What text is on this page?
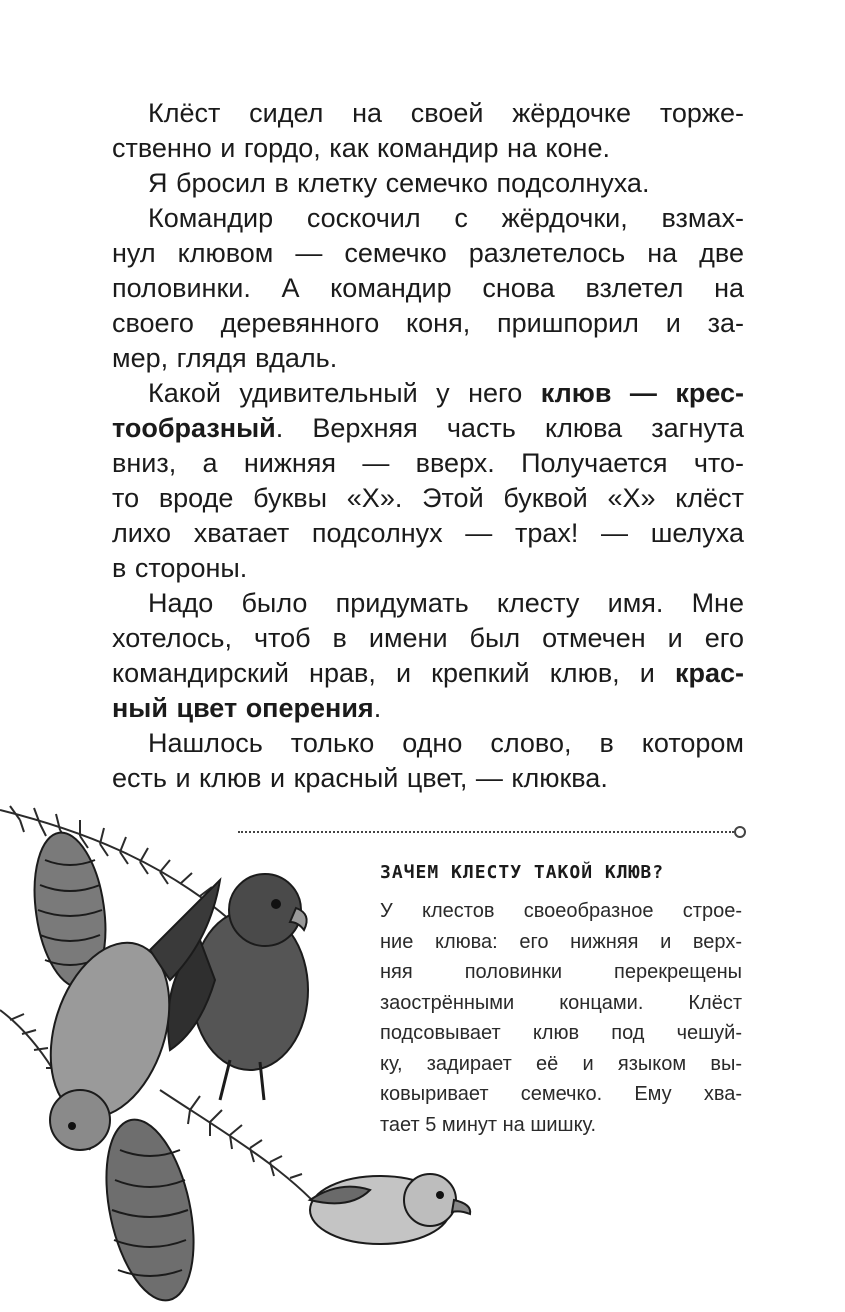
Клёст сидел на своей жёрдочке торже-
ственно и гордо, как командир на коне.

Я бросил в клетку семечко подсолнуха.

Командир соскочил с жёрдочки, взмах-
нул клювом — семечко разлетелось на две
половинки. А командир снова взлетел на
своего деревянного коня, пришпорил и за-
мер, глядя вдаль.

Какой удивительный у него клюв — крес-
тообразный. Верхняя часть клюва загнута
вниз, а нижняя — вверх. Получается что-
то вроде буквы «Х». Этой буквой «Х» клёст
лихо хватает подсолнух — трах! — шелуха
в стороны.

Надо было придумать клесту имя. Мне
хотелось, чтоб в имени был отмечен и его
командирский нрав, и крепкий клюв, и крас-
ный цвет оперения.

Нашлось только одно слово, в котором
есть и клюв и красный цвет, — клюква.

ЗАЧЕМ КЛЕСТУ ТАКОЙ КЛЮВ?
У клестов своеобразное строе-
ние клюва: его нижняя и верх-
няя половинки перекрещены
заострёнными концами. Клёст
подсовывает клюв под чешуй-
ку, задирает её и языком вы-
ковыривает семечко. Ему хва-
тает 5 минут на шишку.
